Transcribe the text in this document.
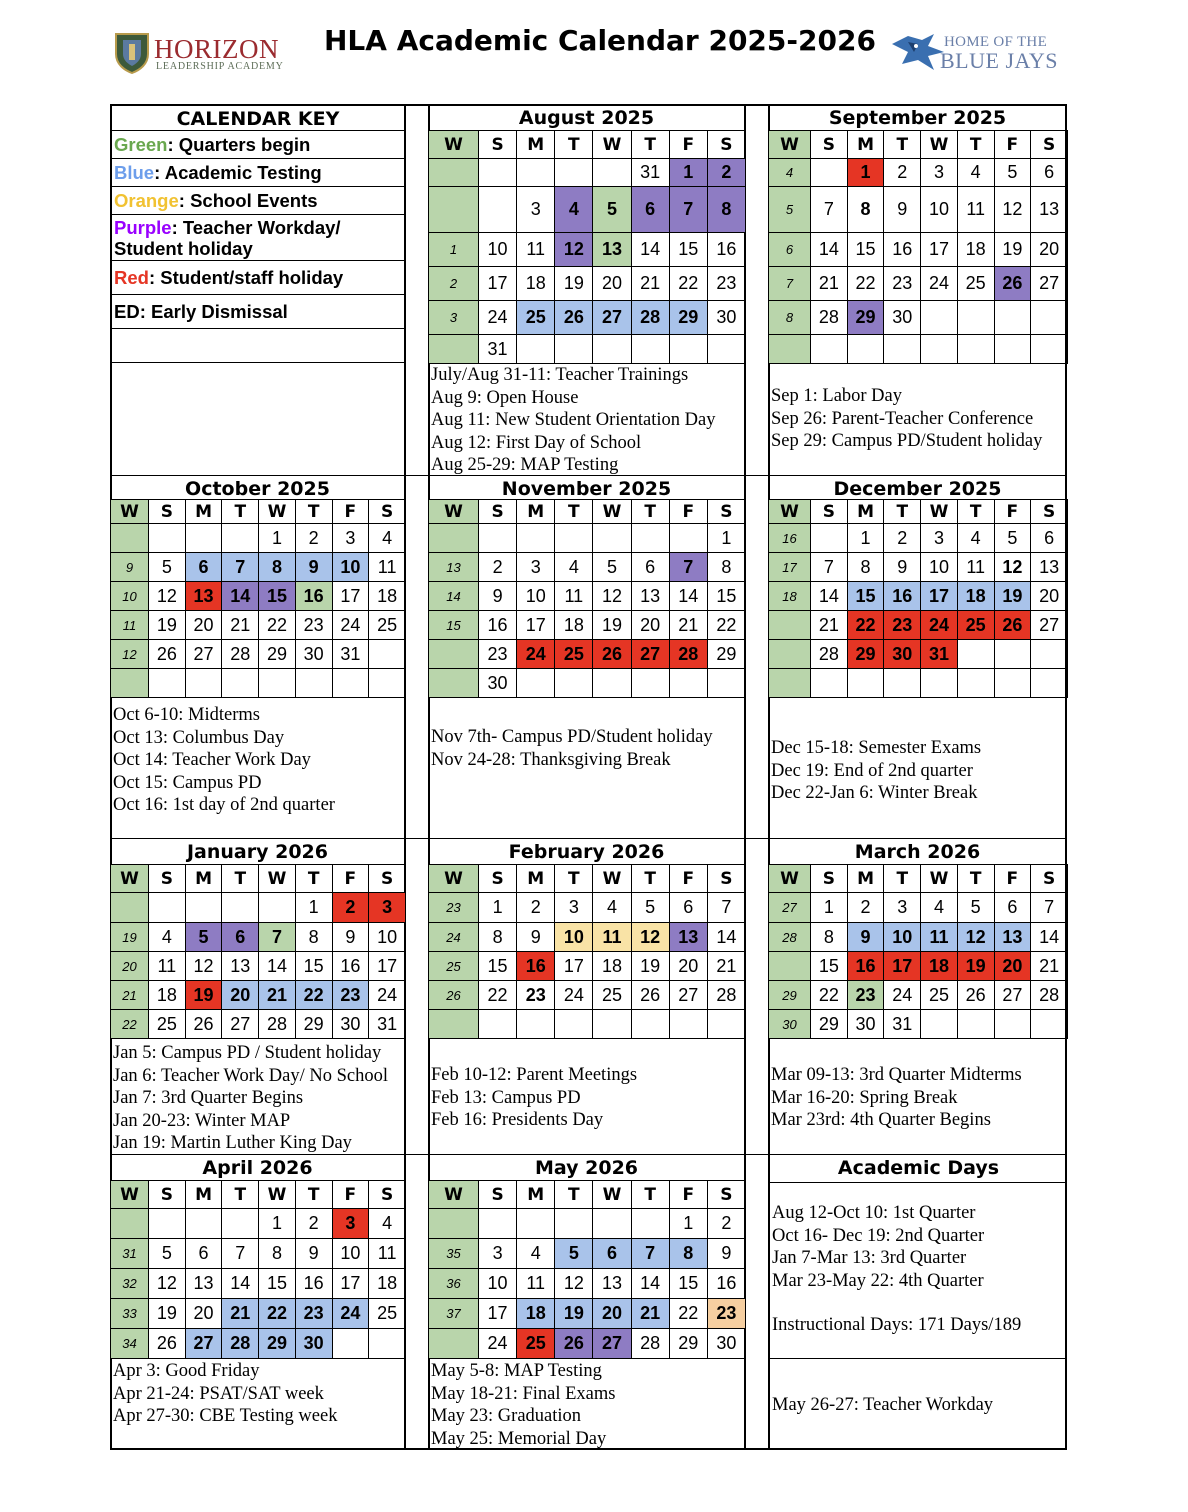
HORIZON
LEADERSHIP ACADEMY
HLA Academic Calendar 2025-2026	HOME OF THE
BLUE JAYS
CALENDAR KEY
Green: Quarters begin
Blue: Academic Testing
Orange: School Events
Purple: Teacher Workday/
Student holiday
Red: Student/staff holiday
ED: Early Dismissal

August 2025
W	S	M	T	W	T	F	S	
					31	1	2	
		3	4	5	6	7	8	
1	10	11	12	13	14	15	16	
2	17	18	19	20	21	22	23	
3	24	25	26	27	28	29	30	
	31							
July/Aug 31-11: Teacher Trainings
Aug 9: Open House
Aug 11: New Student Orientation Day
Aug 12: First Day of School
Aug 25-29: MAP Testing
September 2025
W	S	M	T	W	T	F	S
4		1	2	3	4	5	6
5	7	8	9	10	11	12	13
6	14	15	16	17	18	19	20
7	21	22	23	24	25	26	27
8	28	29	30				

Sep 1: Labor Day
Sep 26: Parent-Teacher Conference
Sep 29: Campus PD/Student holiday
October 2025
W	S	M	T	W	T	F	S
				1	2	3	4
9	5	6	7	8	9	10	11
10	12	13	14	15	16	17	18
11	19	20	21	22	23	24	25
12	26	27	28	29	30	31	

Oct 6-10: Midterms
Oct 13: Columbus Day
Oct 14: Teacher Work Day
Oct 15: Campus PD
Oct 16: 1st day of 2nd quarter
November 2025
W	S	M	T	W	T	F	S
							1
13	2	3	4	5	6	7	8
14	9	10	11	12	13	14	15
15	16	17	18	19	20	21	22
	23	24	25	26	27	28	29
	30						
Nov 7th- Campus PD/Student holiday
Nov 24-28: Thanksgiving Break
December 2025
W	S	M	T	W	T	F	S
16		1	2	3	4	5	6
17	7	8	9	10	11	12	13
18	14	15	16	17	18	19	20
	21	22	23	24	25	26	27
	28	29	30	31			

Dec 15-18: Semester Exams
Dec 19: End of 2nd quarter
Dec 22-Jan 6: Winter Break
January 2026
W	S	M	T	W	T	F	S
					1	2	3
19	4	5	6	7	8	9	10
20	11	12	13	14	15	16	17
21	18	19	20	21	22	23	24
22	25	26	27	28	29	30	31
Jan 5: Campus PD / Student holiday
Jan 6: Teacher Work Day/ No School
Jan 7: 3rd Quarter Begins
Jan 20-23: Winter MAP
Jan 19: Martin Luther King Day
February 2026
W	S	M	T	W	T	F	S
23	1	2	3	4	5	6	7
24	8	9	10	11	12	13	14
25	15	16	17	18	19	20	21
26	22	23	24	25	26	27	28

Feb 10-12: Parent Meetings
Feb 13: Campus PD
Feb 16: Presidents Day
March 2026
W	S	M	T	W	T	F	S
27	1	2	3	4	5	6	7
28	8	9	10	11	12	13	14
	15	16	17	18	19	20	21
29	22	23	24	25	26	27	28
30	29	30	31				
Mar 09-13: 3rd Quarter Midterms
Mar 16-20: Spring Break
Mar 23rd: 4th Quarter Begins
April 2026
W	S	M	T	W	T	F	S
				1	2	3	4
31	5	6	7	8	9	10	11
32	12	13	14	15	16	17	18
33	19	20	21	22	23	24	25
34	26	27	28	29	30		
Apr 3: Good Friday
Apr 21-24: PSAT/SAT week
Apr 27-30: CBE Testing week
May 2026
W	S	M	T	W	T	F	S
						1	2
35	3	4	5	6	7	8	9
36	10	11	12	13	14	15	16
37	17	18	19	20	21	22	23
	24	25	26	27	28	29	30
May 5-8: MAP Testing
May 18-21: Final Exams
May 23: Graduation
May 25: Memorial Day
Academic Days
Aug 12-Oct 10: 1st Quarter
Oct 16- Dec 19: 2nd Quarter
Jan 7-Mar 13: 3rd Quarter
Mar 23-May 22: 4th Quarter
Instructional Days: 171 Days/189
May 26-27: Teacher Workday
